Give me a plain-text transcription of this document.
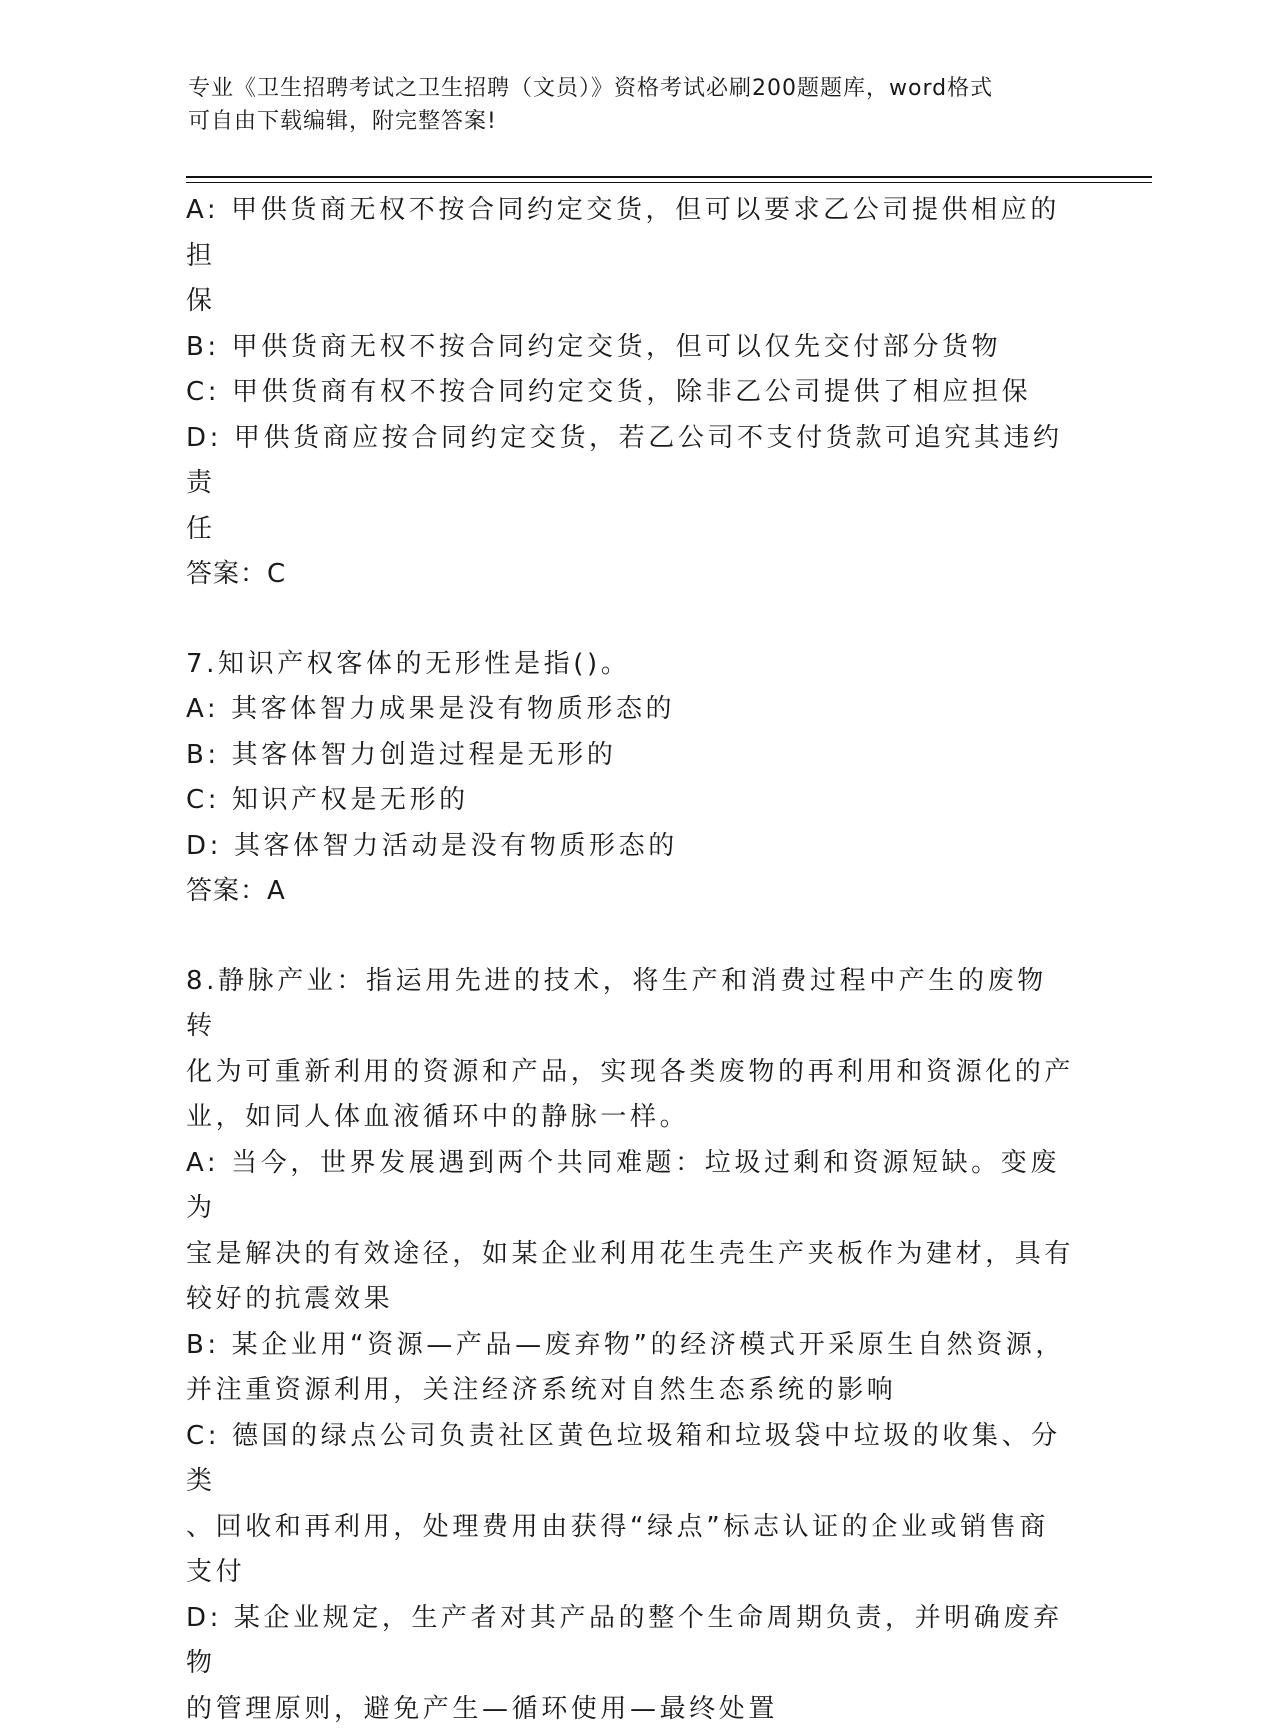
专业《卫生招聘考试之卫生招聘（文员）》资格考试必刷200题题库，word格式
可自由下载编辑，附完整答案!
A: 甲供货商无权不按合同约定交货，但可以要求乙公司提供相应的担
保
B: 甲供货商无权不按合同约定交货，但可以仅先交付部分货物
C: 甲供货商有权不按合同约定交货，除非乙公司提供了相应担保
D: 甲供货商应按合同约定交货，若乙公司不支付货款可追究其违约责
任
答案：C
7.知识产权客体的无形性是指()。
A: 其客体智力成果是没有物质形态的
B: 其客体智力创造过程是无形的
C: 知识产权是无形的
D: 其客体智力活动是没有物质形态的
答案：A
8.静脉产业：指运用先进的技术，将生产和消费过程中产生的废物转
化为可重新利用的资源和产品，实现各类废物的再利用和资源化的产
业，如同人体血液循环中的静脉一样。
A: 当今，世界发展遇到两个共同难题：垃圾过剩和资源短缺。变废为
宝是解决的有效途径，如某企业利用花生壳生产夹板作为建材，具有
较好的抗震效果
B: 某企业用“资源—产品—废弃物”的经济模式开采原生自然资源，
并注重资源利用，关注经济系统对自然生态系统的影响
C: 德国的绿点公司负责社区黄色垃圾箱和垃圾袋中垃圾的收集、分类
、回收和再利用，处理费用由获得“绿点”标志认证的企业或销售商
支付
D: 某企业规定，生产者对其产品的整个生命周期负责，并明确废弃物
的管理原则，避免产生—循环使用—最终处置
